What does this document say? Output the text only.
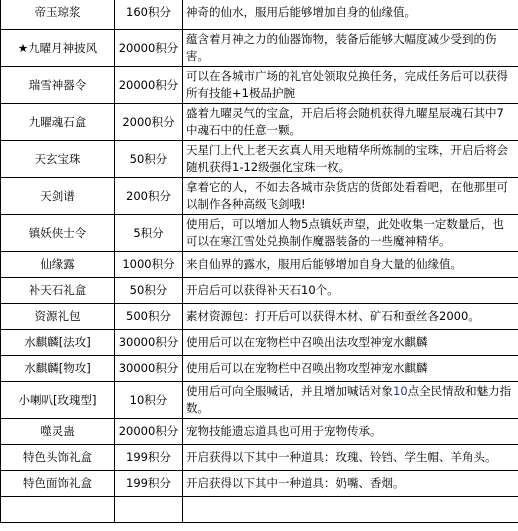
帝玉琼浆	160积分	神奇的仙水，服用后能够增加自身的仙缘值。
★九曜月神披风	20000积分	蕴含着月神之力的仙器饰物，装备后能够大幅度减少受到的伤害。
瑞雪神器令	20000积分	可以在各城市广场的礼官处领取兑换任务，完成任务后可以获得所有技能+1极品护腕
九曜魂石盒	2000积分	盛着九曜灵气的宝盒，开启后将会随机获得九曜星辰魂石其中7中魂石中的任意一颗。
天玄宝珠	50积分	天星门上代上老天玄真人用天地精华所炼制的宝珠，开启后将会随机获得1-12级强化宝珠一枚。
天剑谱	200积分	拿着它的人，不如去各城市杂货店的货郎处看看吧，在他那里可以制作各种高级飞剑哦!
镇妖侠士令	5积分	使用后，可以增加人物5点镇妖声望，此处收集一定数量后，也可以在寒江雪处兑换制作魔器装备的一些魔神精华。
仙缘露	1000积分	来自仙界的露水，服用后能够增加自身大量的仙缘值。
补天石礼盒	50积分	开启后可以获得补天石10个。
资源礼包	500积分	素材资源包：打开后可以获得木材、矿石和蚕丝各2000。
水麒麟[法攻]	30000积分	使用后可以在宠物栏中召唤出法攻型神宠水麒麟
水麒麟[物攻]	30000积分	使用后可以在宠物栏中召唤出物攻型神宠水麒麟
小喇叭[玫瑰型]	10积分	使用后可向全服喊话，并且增加喊话对象10点全民情敌和魅力指数。
噬灵蛊	20000积分	宠物技能遗忘道具也可用于宠物传承。
特色头饰礼盒	199积分	开启获得以下其中一种道具：玫瑰、铃铛、学生帽、羊角头。
特色面饰礼盒	199积分	开启获得以下其中一种道具：奶嘴、香烟。
